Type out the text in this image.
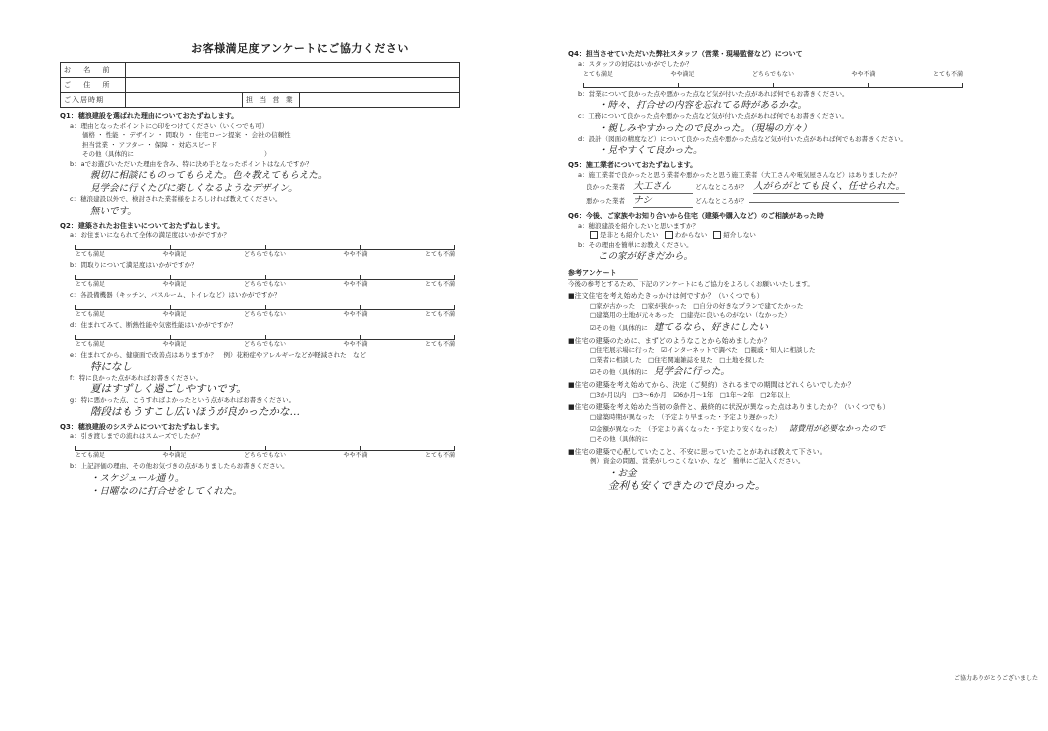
お客様満足度アンケートにご協力ください
お 名 前			
ご 住 所			
ご入居時期		担 当 営 業	
Q1：穂浪建設を選ばれた理由についておたずねします。
a：理由となったポイントに○印をつけてください（いくつでも可）
価格 ・ 性能 ・ デザイン ・ 間取り ・ 住宅ローン提案 ・ 会社の信頼性
担当営業 ・ アフター ・ 保障 ・ 対応スピード
その他（具体的に　　　　　　　　　　　　　　　　　　　　）
b：aでお選びいただいた理由を含み、特に決め手となったポイントはなんですか？
親切に相談にものってもらえた。色々教えてもらえた。
見学会に行くたびに楽しくなるようなデザイン。
c：穂浪建設以外で、検討された業者様をよろしければ教えてください。
無いです。
Q2：建築されたお住まいについておたずねします。
a：お住まいになられて全体の満足度はいかがですか？
とても満足	やや満足	どちらでもない	やや不満	とても不満
b：間取りについて満足度はいかがですか？
とても満足	やや満足	どちらでもない	やや不満	とても不満
c：各設備機器（キッチン、バスルーム、トイレなど）はいかがですか？
とても満足	やや満足	どちらでもない	やや不満	とても不満
d：住まれてみて、断熱性能や気密性能はいかがですか？
とても満足	やや満足	どちらでもない	やや不満	とても不満
e：住まれてから、健康面で改善点はありますか？　例）花粉症やアレルギーなどが軽減された　など
特になし
f：特に良かった点があればお書きください。
夏はすずしく過ごしやすいです。
g：特に悪かった点、こうすればよかったという点があればお書きください。
階段はもうすこし広いほうが良かったかな…
Q3：穂浪建設のシステムについておたずねします。
a：引き渡しまでの流れはスムーズでしたか？
とても満足	やや満足	どちらでもない	やや不満	とても不満
b：上記評価の理由、その他お気づきの点がありましたらお書きください。
・スケジュール通り。
・日曜なのに打合せをしてくれた。
Q4：担当させていただいた弊社スタッフ（営業・現場監督など）について
a：スタッフの対応はいかがでしたか？
とても満足	やや満足	どちらでもない	やや不満	とても不満
b：営業について良かった点や悪かった点など気が付いた点があれば何でもお書きください。
・時々、打合せの内容を忘れてる時があるかな。
c：工務について良かった点や悪かった点など気が付いた点があれば何でもお書きください。
・親しみやすかったので良かった。（現場の方々）
d：設計（図面の精度など）について良かった点や悪かった点など気が付いた点があれば何でもお書きください。
・見やすくて良かった。
Q5：施工業者についておたずねします。
a：施工業者で良かったと思う業者や悪かったと思う施工業者（大工さんや電気屋さんなど）はありましたか？
良かった業者 大工さん	どんなところが？ 人がらがとても良く、任せられた。
悪かった業者 ナシ	どんなところが？
Q6：今後、ご家族やお知り合いから住宅（建築や購入など）のご相談があった時
a：穂浪建設を紹介したいと思いますか？
是非とも紹介したい わからない 紹介しない
b：その理由を簡単にお教えください。
この家が好きだから。
参考アンケート
今後の参考とするため、下記のアンケートにもご協力をよろしくお願いいたします。
■注文住宅を考え始めたきっかけは何ですか？（いくつでも）
□家が古かった　□家が狭かった　□自分の好きなプランで建てたかった
□建築用の土地が元々あった　□建売に良いものがない（なかった）
☑その他（具体的に 建てるなら、好きにしたい
■住宅の建築のために、まずどのようなことから始めましたか？
□住宅展示場に行った　☑インターネットで調べた　□親戚・知人に相談した
□業者に相談した　□住宅関連雑誌を見た　□土地を探した
☑その他（具体的に 見学会に行った。
■住宅の建築を考え始めてから、決定（ご契約）されるまでの期間はどれくらいでしたか？
□3か月以内　□3～6か月　☑6か月～1年　□1年～2年　□2年以上
■住宅の建築を考え始めた当初の条件と、最終的に状況が異なった点はありましたか？（いくつでも）
□建築時期が異なった　（予定より早まった・予定より遅かった）
☑金額が異なった　（予定より高くなった・予定より安くなった） 諸費用が必要なかったので
□その他（具体的に
■住宅の建築で心配していたこと、不安に思っていたことがあれば教えて下さい。
例）資金の問題、営業がしつこくないか、など　簡単にご記入ください。
・お金
金利も安くできたので良かった。
ご協力ありがとうございました
